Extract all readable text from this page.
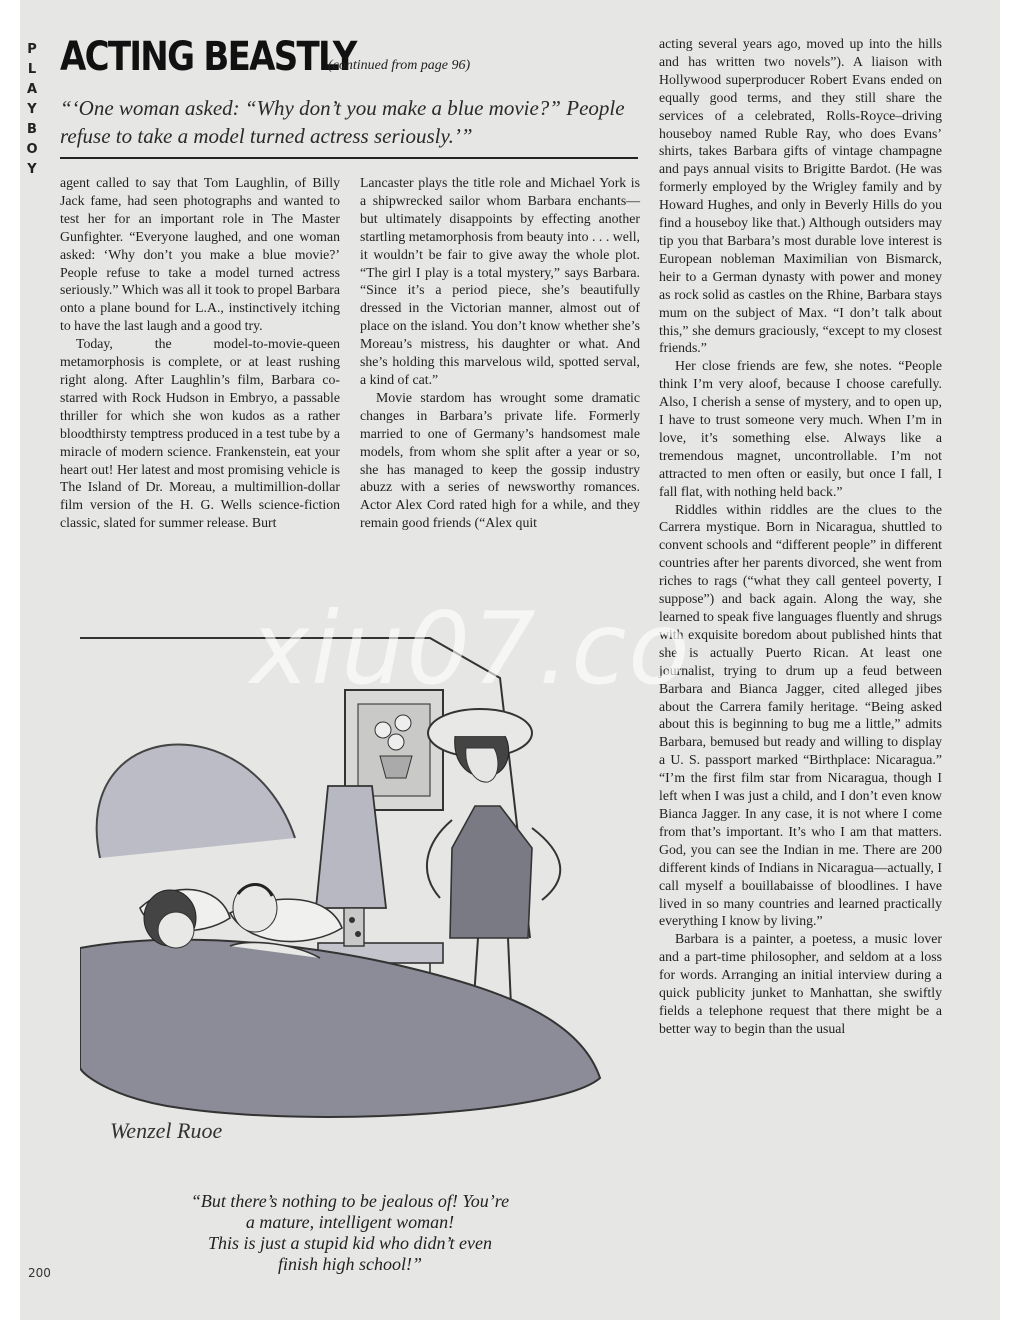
P
L
A
Y
B
O
Y
ACTING BEASTLY
(continued from page 96)

“‘One woman asked: “Why don’t you make a blue movie?” People refuse to take a model turned actress seriously.’”

agent called to say that Tom Laughlin, of Billy Jack fame, had seen photographs and wanted to test her for an important role in The Master Gunfighter. “Everyone laughed, and one woman asked: ‘Why don’t you make a blue movie?’ People refuse to take a model turned actress seriously.” Which was all it took to propel Barbara onto a plane bound for L.A., instinctively itching to have the last laugh and a good try.

Today, the model-to-movie-queen metamorphosis is complete, or at least rushing right along. After Laughlin’s film, Barbara co-starred with Rock Hudson in Embryo, a passable thriller for which she won kudos as a rather bloodthirsty temptress produced in a test tube by a miracle of modern science. Frankenstein, eat your heart out! Her latest and most promising vehicle is The Island of Dr. Moreau, a multimillion-dollar film version of the H. G. Wells science-fiction classic, slated for summer release. Burt

Lancaster plays the title role and Michael York is a shipwrecked sailor whom Barbara enchants—but ultimately disappoints by effecting another startling metamorphosis from beauty into . . . well, it wouldn’t be fair to give away the whole plot. “The girl I play is a total mystery,” says Barbara. “Since it’s a period piece, she’s beautifully dressed in the Victorian manner, almost out of place on the island. You don’t know whether she’s Moreau’s mistress, his daughter or what. And she’s holding this marvelous wild, spotted serval, a kind of cat.”

Movie stardom has wrought some dramatic changes in Barbara’s private life. Formerly married to one of Germany’s handsomest male models, from whom she split after a year or so, she has managed to keep the gossip industry abuzz with a series of newsworthy romances. Actor Alex Cord rated high for a while, and they remain good friends (“Alex quit

acting several years ago, moved up into the hills and has written two novels”). A liaison with Hollywood superproducer Robert Evans ended on equally good terms, and they still share the services of a celebrated, Rolls-Royce–driving houseboy named Ruble Ray, who does Evans’ shirts, takes Barbara gifts of vintage champagne and pays annual visits to Brigitte Bardot. (He was formerly employed by the Wrigley family and by Howard Hughes, and only in Beverly Hills do you find a houseboy like that.) Although outsiders may tip you that Barbara’s most durable love interest is European nobleman Maximilian von Bismarck, heir to a German dynasty with power and money as rock solid as castles on the Rhine, Barbara stays mum on the subject of Max. “I don’t talk about this,” she demurs graciously, “except to my closest friends.”

Her close friends are few, she notes. “People think I’m very aloof, because I choose carefully. Also, I cherish a sense of mystery, and to open up, I have to trust someone very much. When I’m in love, it’s something else. Always like a tremendous magnet, uncontrollable. I’m not attracted to men often or easily, but once I fall, I fall flat, with nothing held back.”

Riddles within riddles are the clues to the Carrera mystique. Born in Nicaragua, shuttled to convent schools and “different people” in different countries after her parents divorced, she went from riches to rags (“what they call genteel poverty, I suppose”) and back again. Along the way, she learned to speak five languages fluently and shrugs with exquisite boredom about published hints that she is actually Puerto Rican. At least one journalist, trying to drum up a feud between Barbara and Bianca Jagger, cited alleged jibes about the Carrera family heritage. “Being asked about this is beginning to bug me a little,” admits Barbara, bemused but ready and willing to display a U. S. passport marked “Birthplace: Nicaragua.” “I’m the first film star from Nicaragua, though I left when I was just a child, and I don’t even know Bianca Jagger. In any case, it is not where I come from that’s important. It’s who I am that matters. God, you can see the Indian in me. There are 200 different kinds of Indians in Nicaragua—actually, I call myself a bouillabaisse of bloodlines. I have lived in so many countries and learned practically everything I know by living.”

Barbara is a painter, a poetess, a music lover and a part-time philosopher, and seldom at a loss for words. Arranging an initial interview during a quick publicity junket to Manhattan, she swiftly fields a telephone request that there might be a better way to begin than the usual

Wenzel Ruoe

“But there’s nothing to be jealous of! You’re
a mature, intelligent woman!
This is just a stupid kid who didn’t even
finish high school!”

200
xiu07.co
